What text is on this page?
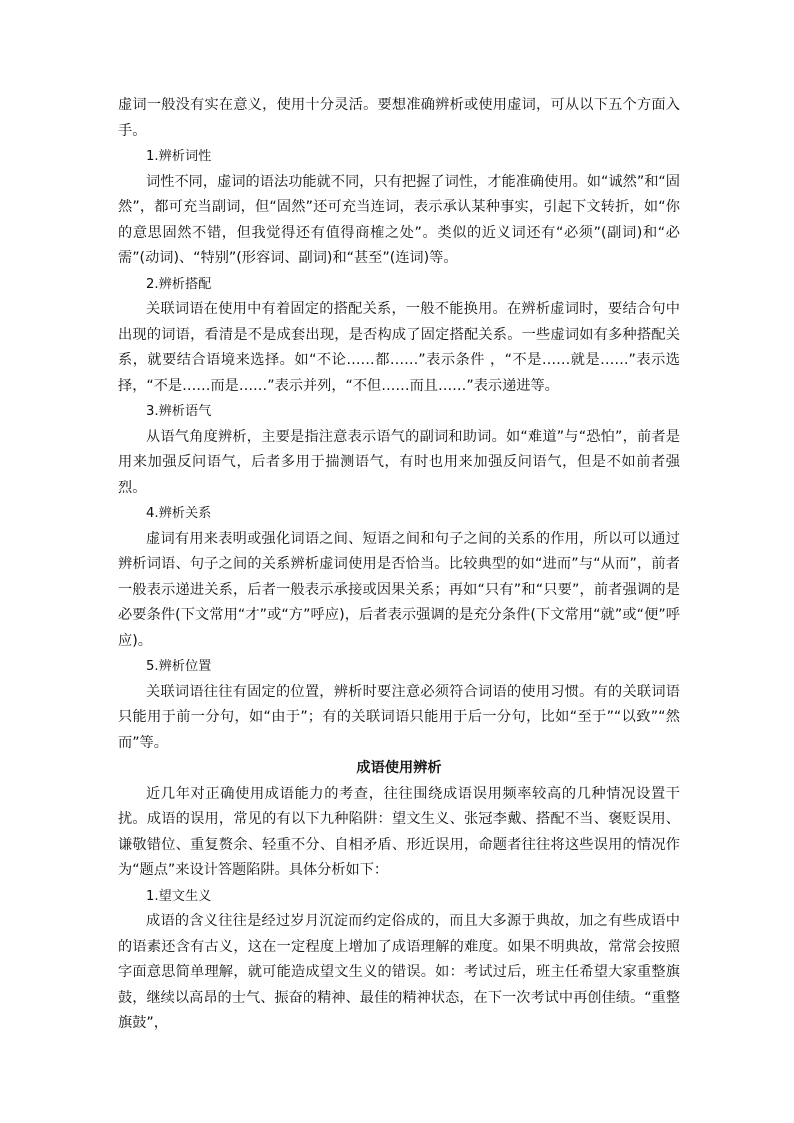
虚词一般没有实在意义，使用十分灵活。要想准确辨析或使用虚词，可从以下五个方面入手。

1.辨析词性

词性不同，虚词的语法功能就不同，只有把握了词性，才能准确使用。如“诚然”和“固然”，都可充当副词，但“固然”还可充当连词，表示承认某种事实，引起下文转折，如“你的意思固然不错，但我觉得还有值得商榷之处”。类似的近义词还有“必须”(副词)和“必需”(动词)、“特别”(形容词、副词)和“甚至”(连词)等。

2.辨析搭配

关联词语在使用中有着固定的搭配关系，一般不能换用。在辨析虚词时，要结合句中出现的词语，看清是不是成套出现，是否构成了固定搭配关系。一些虚词如有多种搭配关系，就要结合语境来选择。如“不论……都……”表示条件 ，“不是……就是……”表示选择，“不是……而是……”表示并列，“不但……而且……”表示递进等。

3.辨析语气

从语气角度辨析，主要是指注意表示语气的副词和助词。如“难道”与“恐怕”，前者是用来加强反问语气，后者多用于揣测语气，有时也用来加强反问语气，但是不如前者强烈。

4.辨析关系

虚词有用来表明或强化词语之间、短语之间和句子之间的关系的作用，所以可以通过辨析词语、句子之间的关系辨析虚词使用是否恰当。比较典型的如“进而”与“从而”，前者一般表示递进关系，后者一般表示承接或因果关系；再如“只有”和“只要”，前者强调的是必要条件(下文常用“才”或“方”呼应)，后者表示强调的是充分条件(下文常用“就”或“便”呼应)。

5.辨析位置

关联词语往往有固定的位置，辨析时要注意必须符合词语的使用习惯。有的关联词语只能用于前一分句，如“由于”；有的关联词语只能用于后一分句，比如“至于”“以致”“然而”等。

成语使用辨析

近几年对正确使用成语能力的考查，往往围绕成语误用频率较高的几种情况设置干扰。成语的误用，常见的有以下九种陷阱：望文生义、张冠李戴、搭配不当、褒贬误用、谦敬错位、重复赘余、轻重不分、自相矛盾、形近误用，命题者往往将这些误用的情况作为“题点”来设计答题陷阱。具体分析如下：

1.望文生义

成语的含义往往是经过岁月沉淀而约定俗成的，而且大多源于典故，加之有些成语中的语素还含有古义，这在一定程度上增加了成语理解的难度。如果不明典故，常常会按照字面意思简单理解，就可能造成望文生义的错误。如：考试过后，班主任希望大家重整旗鼓，继续以高昂的士气、振奋的精神、最佳的精神状态，在下一次考试中再创佳绩。“重整旗鼓”，
